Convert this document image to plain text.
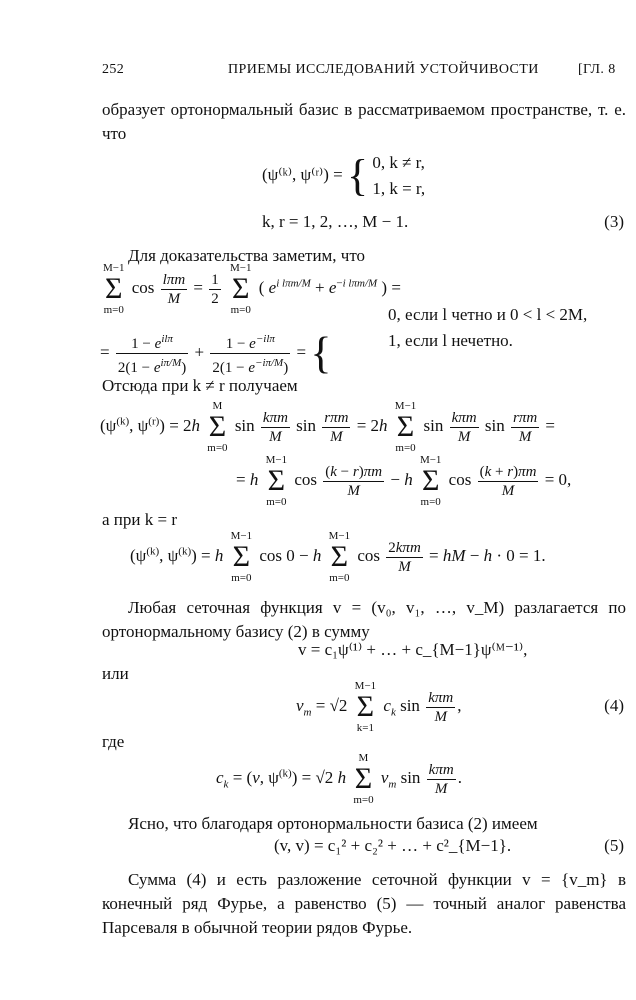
252	ПРИЕМЫ ИССЛЕДОВАНИЙ УСТОЙЧИВОСТИ	[ГЛ. 8
образует ортонормальный базис в рассматриваемом пространстве, т. е. что
(ψ⁽ᵏ⁾, ψ⁽ʳ⁾) = { 0, k ≠ r,
1, k = r,
k, r = 1, 2, …, M − 1.	(3)
Для доказательства заметим, что
M−1
Σ
m=0
$\cos \frac{\text{lπm}}{M} = \frac{1}{2}$

M−1
Σ
m=0
( $e^{i l\pi m/M} + e^{-i l\pi m/M}$ ) =
= $\frac{1 - e^{il\pi}}{2(1 - e^{i\pi/M})} + \frac{1 - e^{-il\pi}}{2(1 - e^{-i\pi/M})}$ = {
0, если l четно и 0 < l < 2M,
1, если l нечетно.
Отсюда при k ≠ r получаем
($\psi^{(k)}$, $\psi^{(r)}) = 2h$
M
Σ
m=0
$\sin \frac{\text{kπm}}{M}$ $\sin \frac{\text{rπm}}{M} = 2h$
M−1
Σ
m=0
$\sin \frac{\text{kπm}}{M}$ $\sin \frac{\text{rπm}}{M}$ =
= h
M−1
Σ
m=0
$\cos \frac{(k - r)\pi m}{M} - h$
M−1
Σ
m=0
$\cos \frac{(k + r)\pi m}{M} = 0$,
а при k = r
($\psi^{(k)}$, $\psi^{(k)}) = h$
M−1
Σ
m=0
cos 0 − h
M−1
Σ
m=0
$\cos \frac{\text{2kπm}}{M}$ = hM − h · 0 = 1.
Любая сеточная функция v = (v₀, v₁, …, v_M) разлагается по ортонормальному базису (2) в сумму
v = c₁ψ⁽¹⁾ + … + c_{M−1}ψ⁽ᴹ⁻¹⁾,
или
$v_m = √2$
M−1
Σ
k=1
$c_k$ $\sin \frac{\text{kπm}}{M}$ ,	(4)
где
$c_k = (v$, $\psi^{(k)}) = √2$ h
M
Σ
m=0
$v_m$ $\sin \frac{\text{kπm}}{M}$ .
Ясно, что благодаря ортонормальности базиса (2) имеем
(v, v) = c₁² + c₂² + … + c²_{M−1}.	(5)
Сумма (4) и есть разложение сеточной функции v = {v_m} в конечный ряд Фурье, а равенство (5) — точный аналог равенства Парсеваля в обычной теории рядов Фурье.
